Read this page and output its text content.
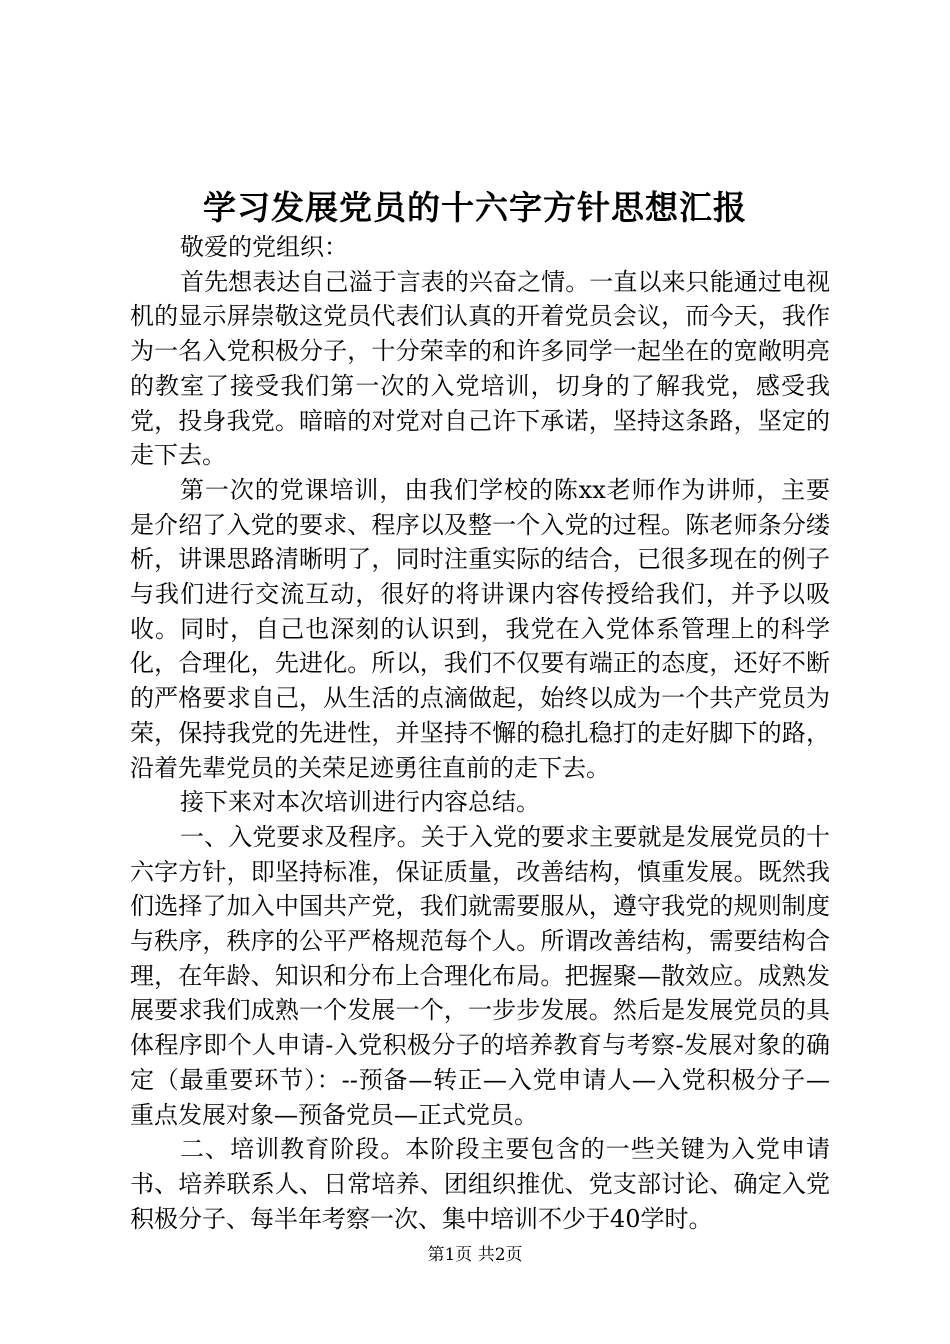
学习发展党员的十六字方针思想汇报

敬爱的党组织：

首先想表达自己溢于言表的兴奋之情。一直以来只能通过电视机的显示屏崇敬这党员代表们认真的开着党员会议，而今天，我作为一名入党积极分子，十分荣幸的和许多同学一起坐在的宽敞明亮的教室了接受我们第一次的入党培训，切身的了解我党，感受我党，投身我党。暗暗的对党对自己许下承诺，坚持这条路，坚定的走下去。

第一次的党课培训，由我们学校的陈xx老师作为讲师，主要是介绍了入党的要求、程序以及整一个入党的过程。陈老师条分缕析，讲课思路清晰明了，同时注重实际的结合，已很多现在的例子与我们进行交流互动，很好的将讲课内容传授给我们，并予以吸收。同时，自己也深刻的认识到，我党在入党体系管理上的科学化，合理化，先进化。所以，我们不仅要有端正的态度，还好不断的严格要求自己，从生活的点滴做起，始终以成为一个共产党员为荣，保持我党的先进性，并坚持不懈的稳扎稳打的走好脚下的路，沿着先辈党员的关荣足迹勇往直前的走下去。

接下来对本次培训进行内容总结。

一、入党要求及程序。关于入党的要求主要就是发展党员的十六字方针，即坚持标准，保证质量，改善结构，慎重发展。既然我们选择了加入中国共产党，我们就需要服从，遵守我党的规则制度与秩序，秩序的公平严格规范每个人。所谓改善结构，需要结构合理，在年龄、知识和分布上合理化布局。把握聚—散效应。成熟发展要求我们成熟一个发展一个，一步步发展。然后是发展党员的具体程序即个人申请-入党积极分子的培养教育与考察-发展对象的确定（最重要环节）：--预备—转正—入党申请人—入党积极分子—重点发展对象—预备党员—正式党员。

二、培训教育阶段。本阶段主要包含的一些关键为入党申请书、培养联系人、日常培养、团组织推优、党支部讨论、确定入党积极分子、每半年考察一次、集中培训不少于40学时。

第1页 共2页
